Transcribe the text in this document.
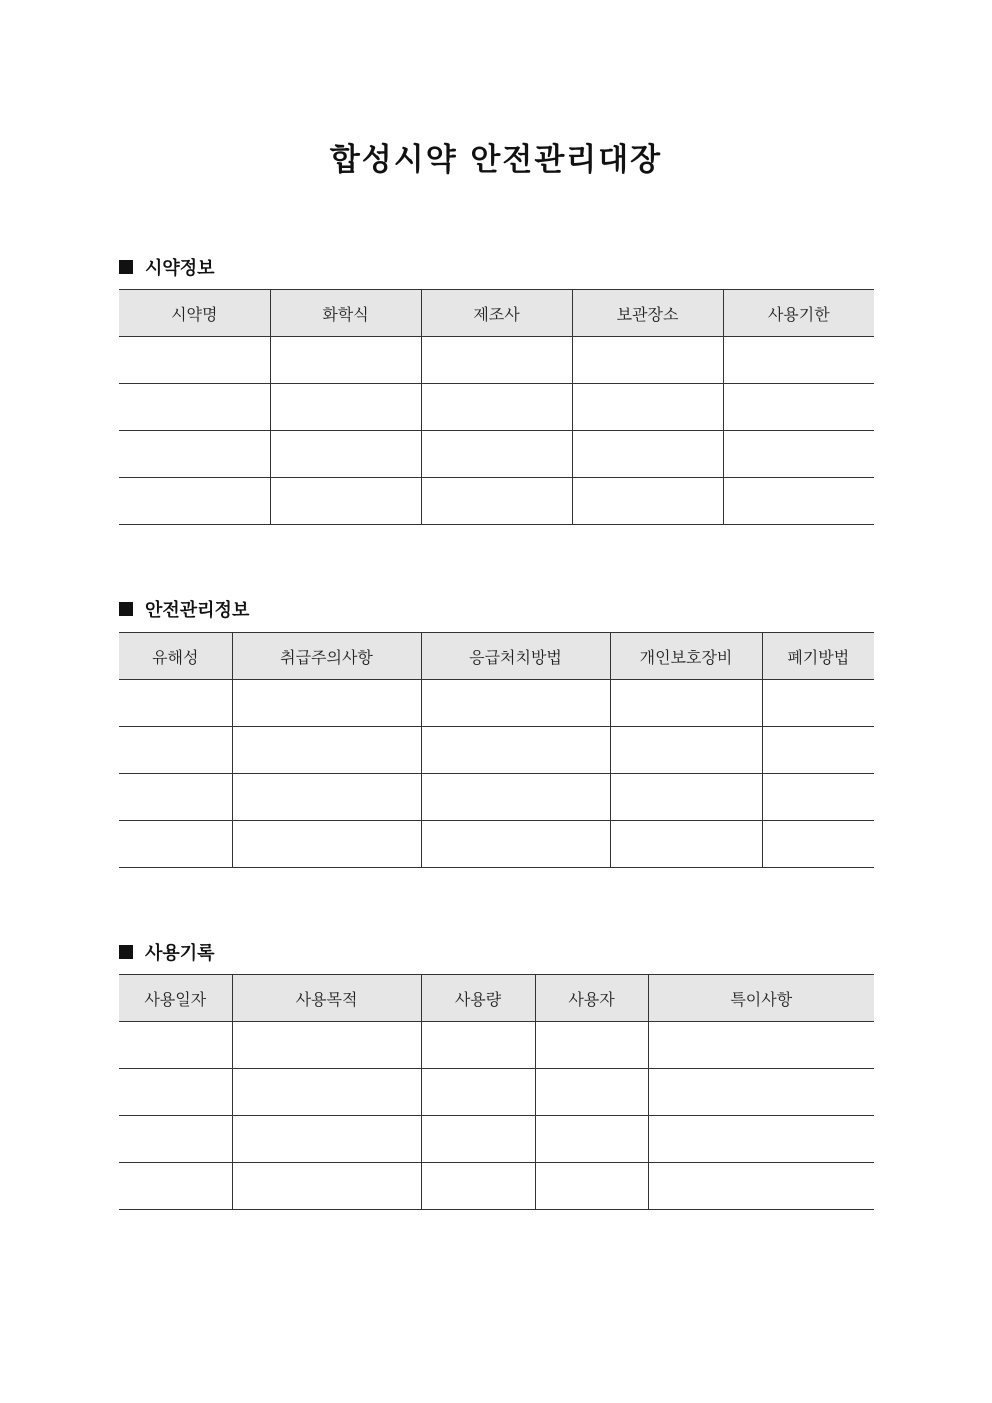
합성시약 안전관리대장
시약정보
시약명	화학식	제조사	보관장소	사용기한

안전관리정보
유해성	취급주의사항	응급처치방법	개인보호장비	폐기방법

사용기록
사용일자	사용목적	사용량	사용자	특이사항
